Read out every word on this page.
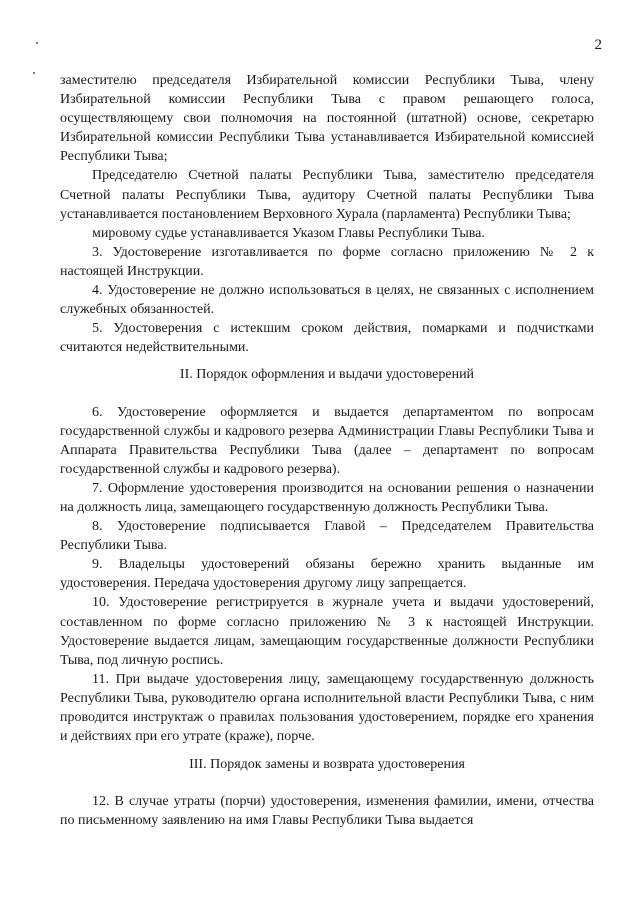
2

заместителю председателя Избирательной комиссии Республики Тыва, члену Избирательной комиссии Республики Тыва с правом решающего голоса, осуществляющему свои полномочия на постоянной (штатной) основе, секретарю Избирательной комиссии Республики Тыва устанавливается Избирательной комиссией Республики Тыва;

Председателю Счетной палаты Республики Тыва, заместителю председателя Счетной палаты Республики Тыва, аудитору Счетной палаты Республики Тыва устанавливается постановлением Верховного Хурала (парламента) Республики Тыва;

мировому судье устанавливается Указом Главы Республики Тыва.

3. Удостоверение изготавливается по форме согласно приложению № 2 к настоящей Инструкции.

4. Удостоверение не должно использоваться в целях, не связанных с исполнением служебных обязанностей.

5. Удостоверения с истекшим сроком действия, помарками и подчистками считаются недействительными.

II. Порядок оформления и выдачи удостоверений

6. Удостоверение оформляется и выдается департаментом по вопросам государственной службы и кадрового резерва Администрации Главы Республики Тыва и Аппарата Правительства Республики Тыва (далее – департамент по вопросам государственной службы и кадрового резерва).

7. Оформление удостоверения производится на основании решения о назначении на должность лица, замещающего государственную должность Республики Тыва.

8. Удостоверение подписывается Главой – Председателем Правительства Республики Тыва.

9. Владельцы удостоверений обязаны бережно хранить выданные им удостоверения. Передача удостоверения другому лицу запрещается.

10. Удостоверение регистрируется в журнале учета и выдачи удостоверений, составленном по форме согласно приложению № 3 к настоящей Инструкции. Удостоверение выдается лицам, замещающим государственные должности Республики Тыва, под личную роспись.

11. При выдаче удостоверения лицу, замещающему государственную должность Республики Тыва, руководителю органа исполнительной власти Республики Тыва, с ним проводится инструктаж о правилах пользования удостоверением, порядке его хранения и действиях при его утрате (краже), порче.

III. Порядок замены и возврата удостоверения

12. В случае утраты (порчи) удостоверения, изменения фамилии, имени, отчества по письменному заявлению на имя Главы Республики Тыва выдается
